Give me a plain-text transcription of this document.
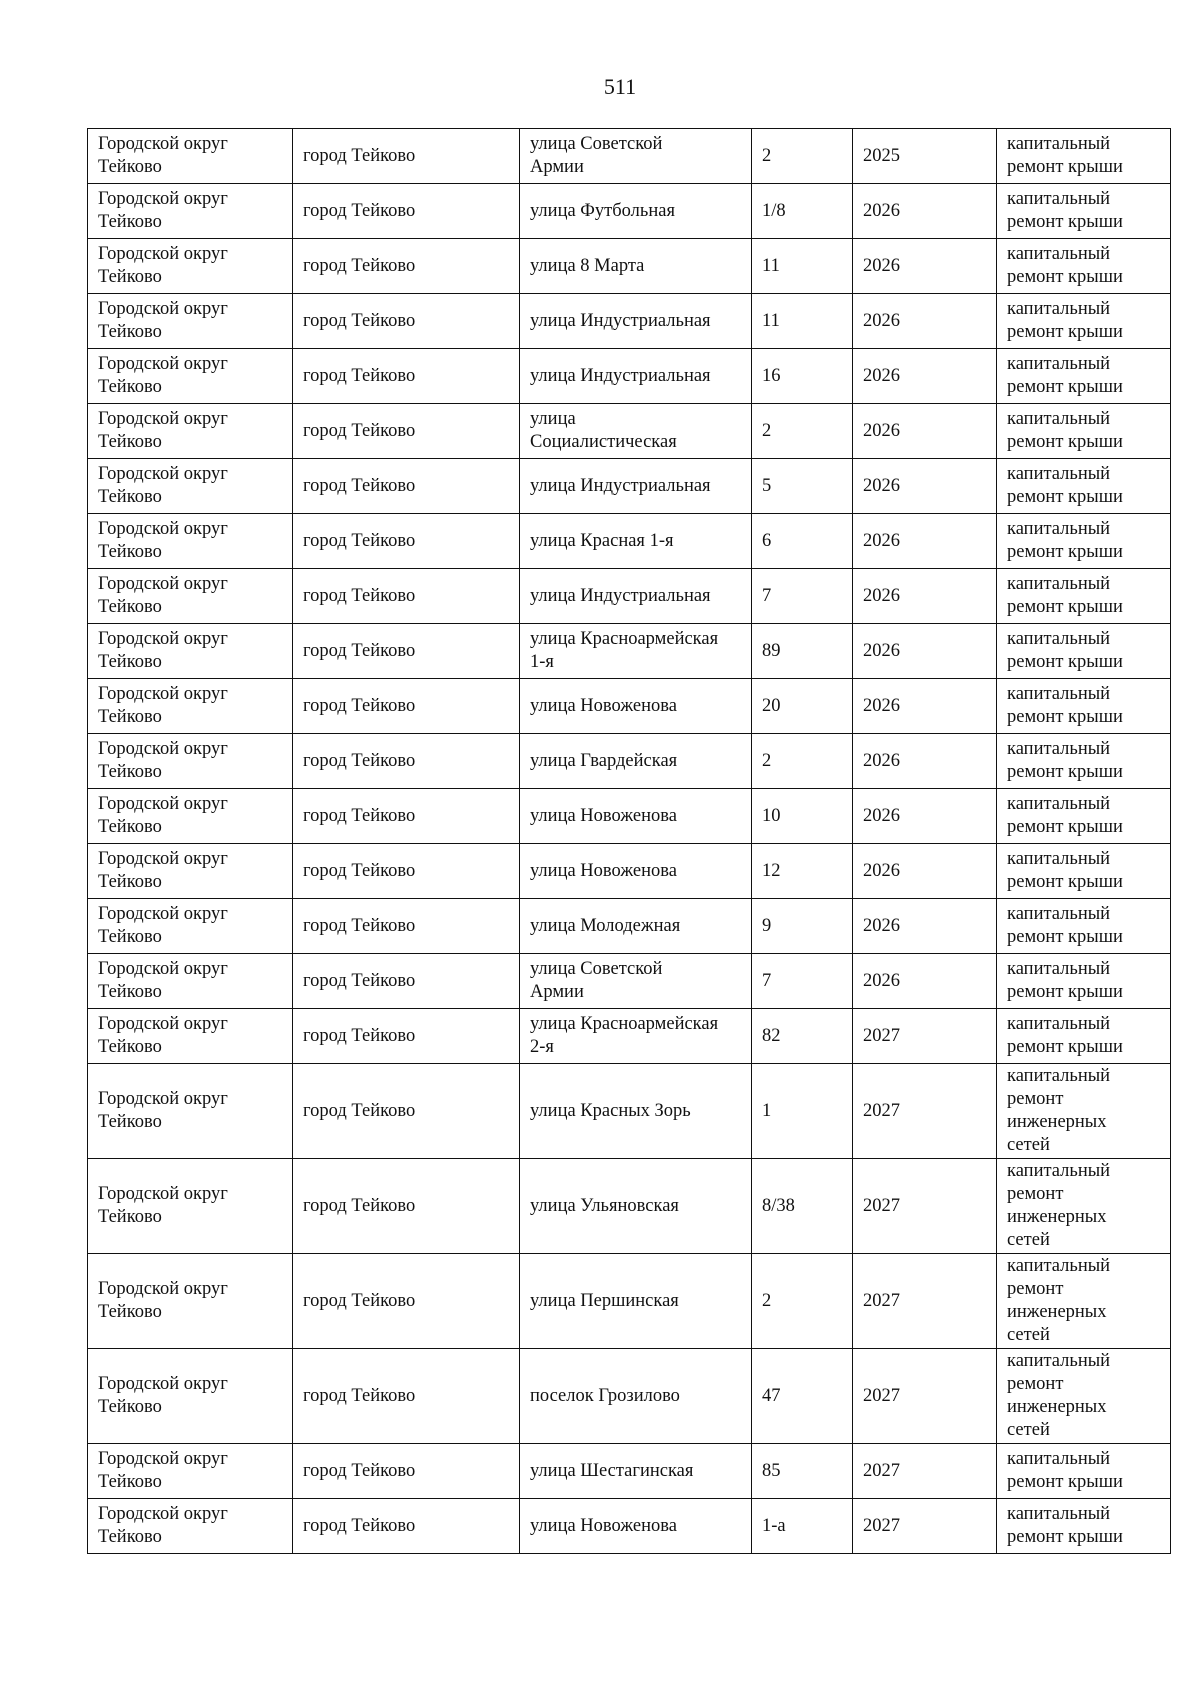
511
Городской округ
Тейково	город Тейково	улица Советской
Армии	2	2025	капитальный
ремонт крыши
Городской округ
Тейково	город Тейково	улица Футбольная	1/8	2026	капитальный
ремонт крыши
Городской округ
Тейково	город Тейково	улица 8 Марта	11	2026	капитальный
ремонт крыши
Городской округ
Тейково	город Тейково	улица Индустриальная	11	2026	капитальный
ремонт крыши
Городской округ
Тейково	город Тейково	улица Индустриальная	16	2026	капитальный
ремонт крыши
Городской округ
Тейково	город Тейково	улица
Социалистическая	2	2026	капитальный
ремонт крыши
Городской округ
Тейково	город Тейково	улица Индустриальная	5	2026	капитальный
ремонт крыши
Городской округ
Тейково	город Тейково	улица Красная 1-я	6	2026	капитальный
ремонт крыши
Городской округ
Тейково	город Тейково	улица Индустриальная	7	2026	капитальный
ремонт крыши
Городской округ
Тейково	город Тейково	улица Красноармейская
1-я	89	2026	капитальный
ремонт крыши
Городской округ
Тейково	город Тейково	улица Новоженова	20	2026	капитальный
ремонт крыши
Городской округ
Тейково	город Тейково	улица Гвардейская	2	2026	капитальный
ремонт крыши
Городской округ
Тейково	город Тейково	улица Новоженова	10	2026	капитальный
ремонт крыши
Городской округ
Тейково	город Тейково	улица Новоженова	12	2026	капитальный
ремонт крыши
Городской округ
Тейково	город Тейково	улица Молодежная	9	2026	капитальный
ремонт крыши
Городской округ
Тейково	город Тейково	улица Советской
Армии	7	2026	капитальный
ремонт крыши
Городской округ
Тейково	город Тейково	улица Красноармейская
2-я	82	2027	капитальный
ремонт крыши
Городской округ
Тейково	город Тейково	улица Красных Зорь	1	2027	капитальный
ремонт
инженерных
сетей
Городской округ
Тейково	город Тейково	улица Ульяновская	8/38	2027	капитальный
ремонт
инженерных
сетей
Городской округ
Тейково	город Тейково	улица Першинская	2	2027	капитальный
ремонт
инженерных
сетей
Городской округ
Тейково	город Тейково	поселок Грозилово	47	2027	капитальный
ремонт
инженерных
сетей
Городской округ
Тейково	город Тейково	улица Шестагинская	85	2027	капитальный
ремонт крыши
Городской округ
Тейково	город Тейково	улица Новоженова	1-а	2027	капитальный
ремонт крыши
